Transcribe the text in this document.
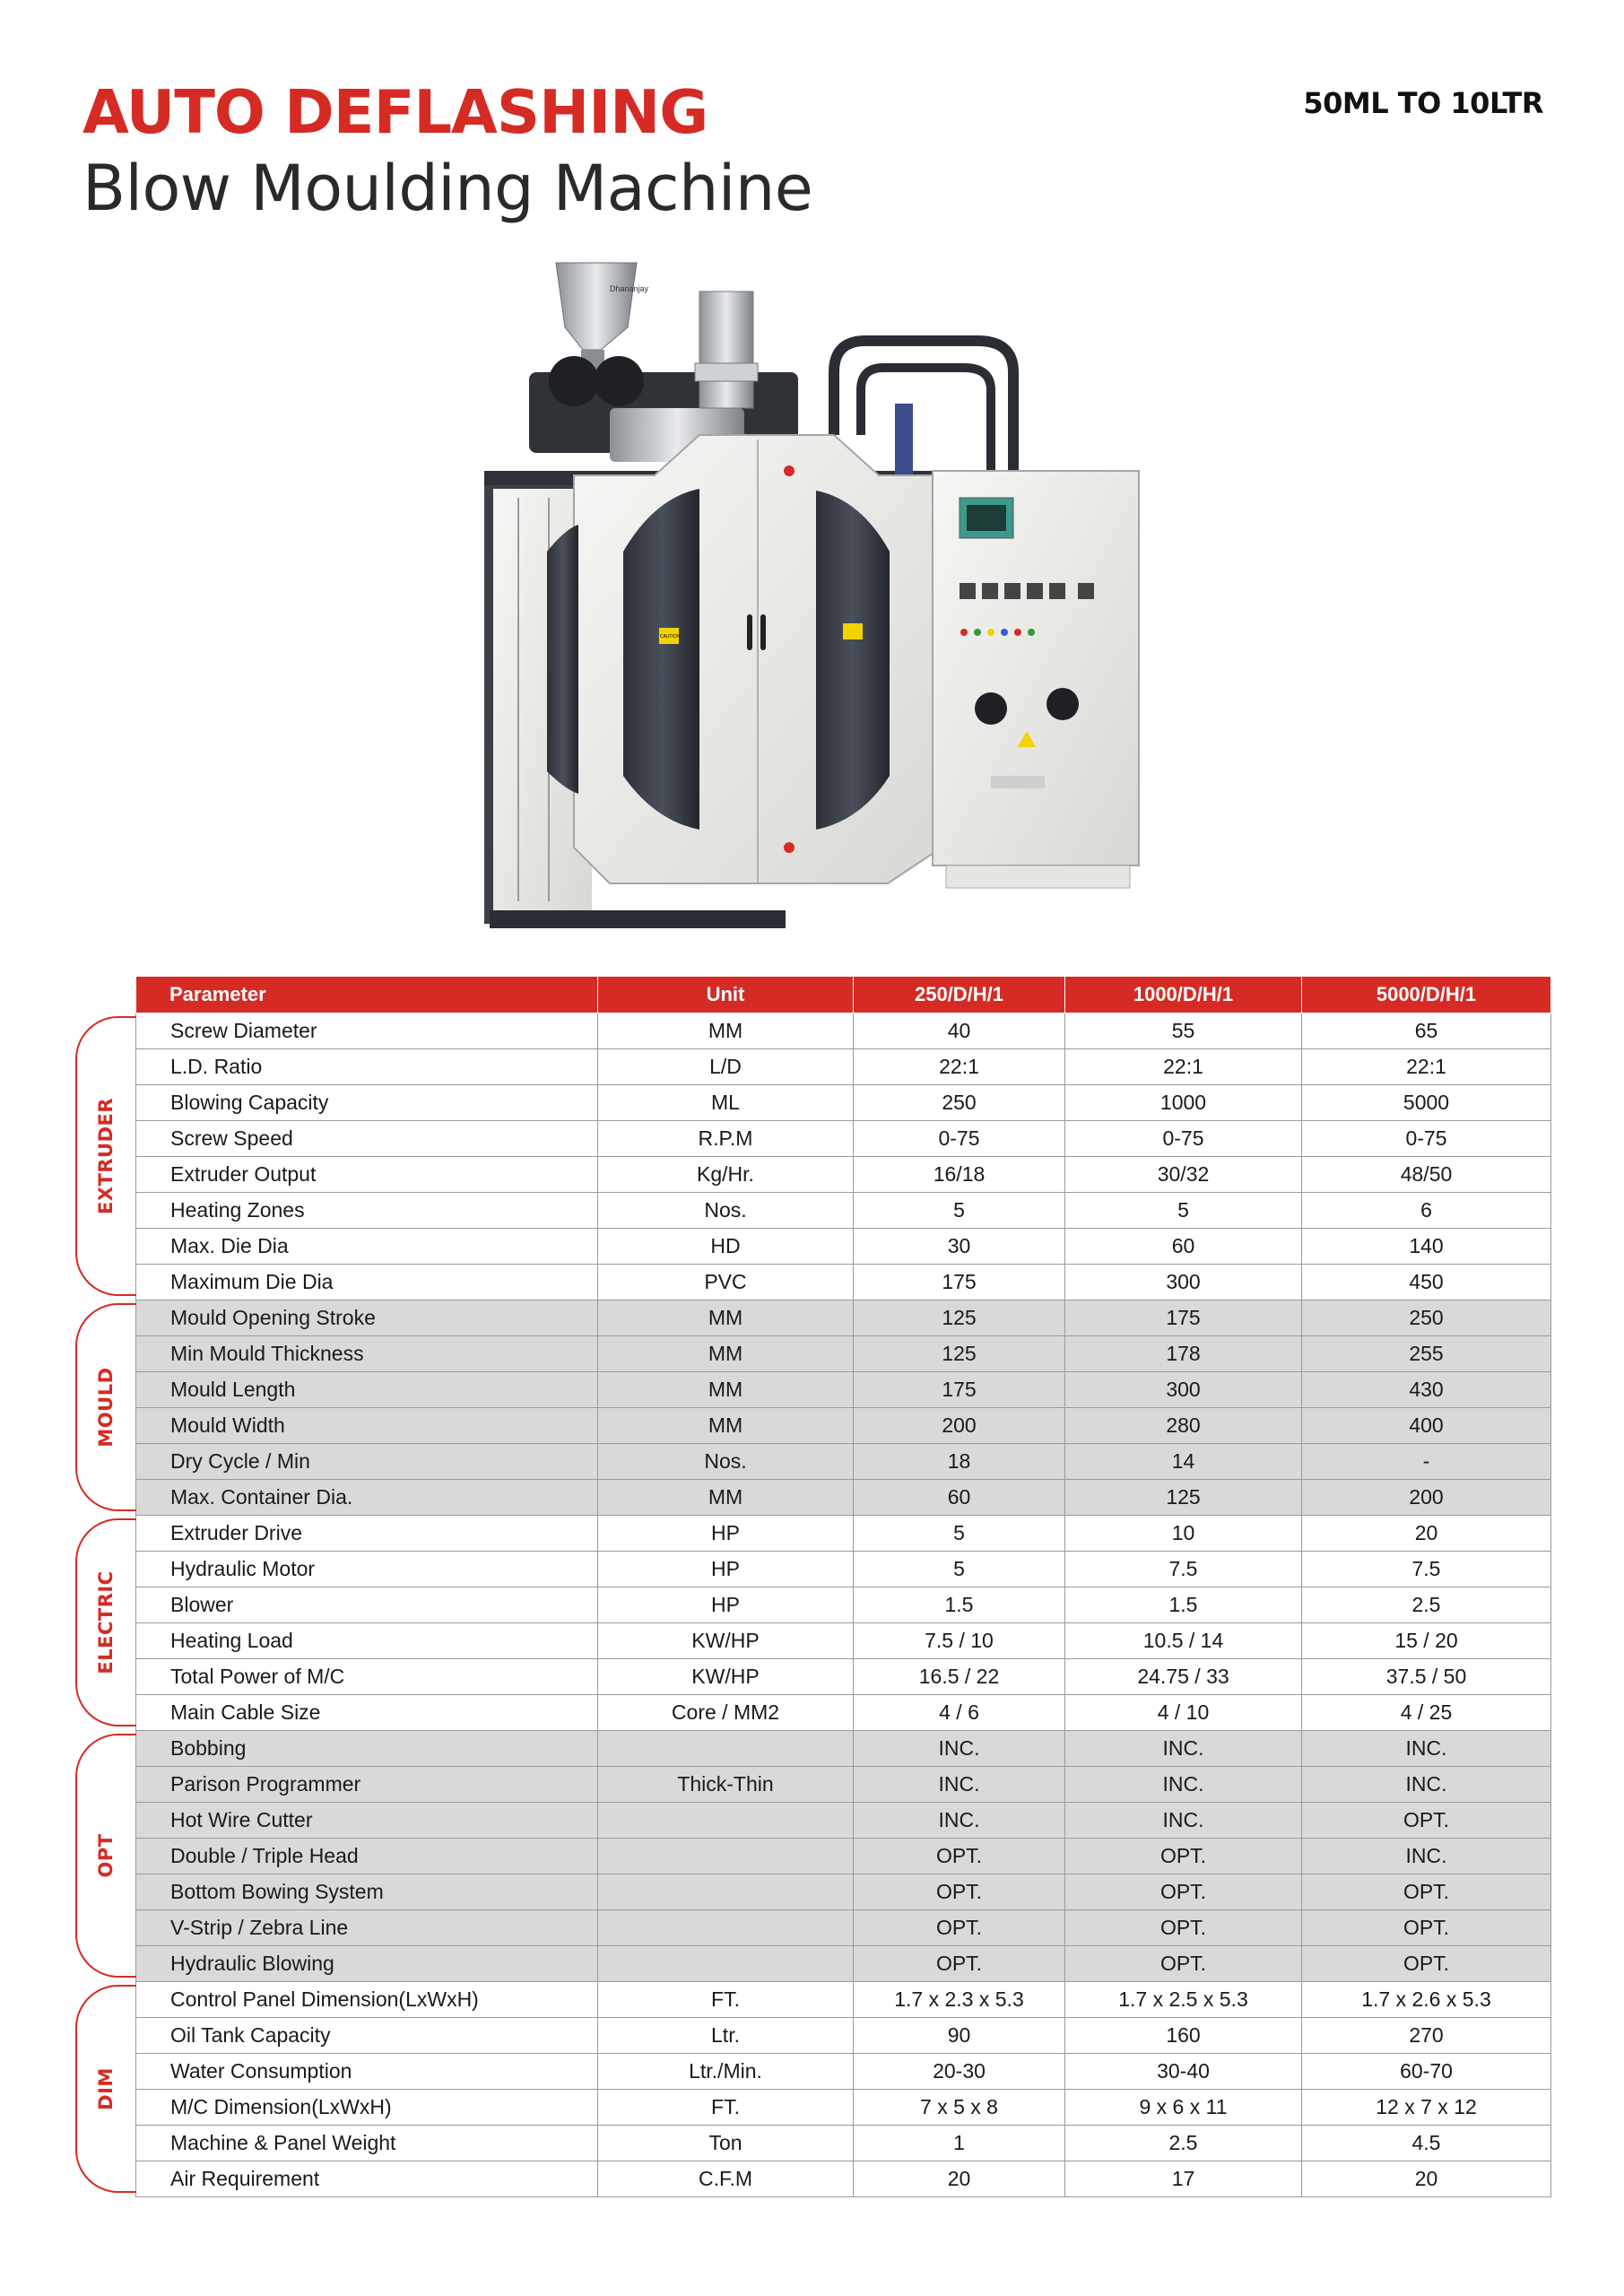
AUTO DEFLASHING
Blow Moulding Machine
50ML TO 10LTR
Dhananjay
CAUTION
Parameter	Unit	250/D/H/1	1000/D/H/1	5000/D/H/1
Screw Diameter	MM	40	55	65
L.D. Ratio	L/D	22:1	22:1	22:1
Blowing Capacity	ML	250	1000	5000
Screw Speed	R.P.M	0-75	0-75	0-75
Extruder Output	Kg/Hr.	16/18	30/32	48/50
Heating Zones	Nos.	5	5	6
Max. Die Dia	HD	30	60	140
Maximum Die Dia	PVC	175	300	450
Mould Opening Stroke	MM	125	175	250
Min Mould Thickness	MM	125	178	255
Mould Length	MM	175	300	430
Mould Width	MM	200	280	400
Dry Cycle / Min	Nos.	18	14	-
Max. Container Dia.	MM	60	125	200
Extruder Drive	HP	5	10	20
Hydraulic Motor	HP	5	7.5	7.5
Blower	HP	1.5	1.5	2.5
Heating Load	KW/HP	7.5 / 10	10.5 / 14	15 / 20
Total Power of M/C	KW/HP	16.5 / 22	24.75 / 33	37.5 / 50
Main Cable Size	Core / MM2	4 / 6	4 / 10	4 / 25
Bobbing		INC.	INC.	INC.
Parison Programmer	Thick-Thin	INC.	INC.	INC.
Hot Wire Cutter		INC.	INC.	OPT.
Double / Triple Head		OPT.	OPT.	INC.
Bottom Bowing System		OPT.	OPT.	OPT.
V-Strip / Zebra Line		OPT.	OPT.	OPT.
Hydraulic Blowing		OPT.	OPT.	OPT.
Control Panel Dimension(LxWxH)	FT.	1.7 x 2.3 x 5.3	1.7 x 2.5 x 5.3	1.7 x 2.6 x 5.3
Oil Tank Capacity	Ltr.	90	160	270
Water Consumption	Ltr./Min.	20-30	30-40	60-70
M/C Dimension(LxWxH)	FT.	7 x 5 x 8	9 x 6 x 11	12 x 7 x 12
Machine & Panel Weight	Ton	1	2.5	4.5
Air Requirement	C.F.M	20	17	20
EXTRUDER
MOULD
ELECTRIC
OPT
DIM
